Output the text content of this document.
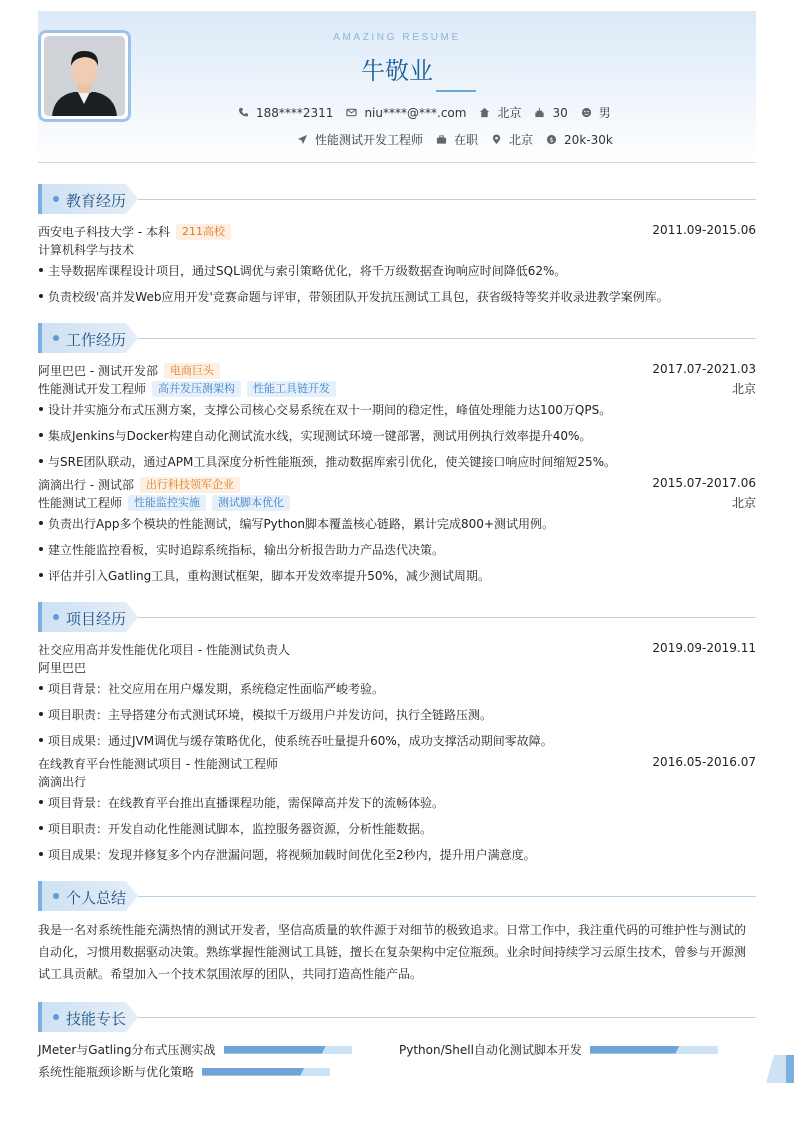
AMAZING RESUME
牛敬业
188****2311	niu****@***.com	北京	30	男
性能测试开发工程师	在职	北京 $ 20k-30k
教育经历
西安电子科技大学 - 本科	211高校	2011.09-2015.06
计算机科学与技术
主导数据库课程设计项目，通过SQL调优与索引策略优化，将千万级数据查询响应时间降低62%。
负责校级'高并发Web应用开发'竞赛命题与评审，带领团队开发抗压测试工具包，获省级特等奖并收录进教学案例库。
工作经历
阿里巴巴 - 测试开发部	电商巨头	2017.07-2021.03
性能测试开发工程师	高并发压测架构	性能工具链开发	北京
设计并实施分布式压测方案，支撑公司核心交易系统在双十一期间的稳定性，峰值处理能力达100万QPS。
集成Jenkins与Docker构建自动化测试流水线，实现测试环境一键部署，测试用例执行效率提升40%。
与SRE团队联动，通过APM工具深度分析性能瓶颈，推动数据库索引优化，使关键接口响应时间缩短25%。
滴滴出行 - 测试部	出行科技领军企业	2015.07-2017.06
性能测试工程师	性能监控实施	测试脚本优化	北京
负责出行App多个模块的性能测试，编写Python脚本覆盖核心链路，累计完成800+测试用例。
建立性能监控看板，实时追踪系统指标，输出分析报告助力产品迭代决策。
评估并引入Gatling工具，重构测试框架，脚本开发效率提升50%，减少测试周期。
项目经历
社交应用高并发性能优化项目 - 性能测试负责人	2019.09-2019.11
阿里巴巴
项目背景：社交应用在用户爆发期，系统稳定性面临严峻考验。
项目职责：主导搭建分布式测试环境，模拟千万级用户并发访问，执行全链路压测。
项目成果：通过JVM调优与缓存策略优化，使系统吞吐量提升60%，成功支撑活动期间零故障。
在线教育平台性能测试项目 - 性能测试工程师	2016.05-2016.07
滴滴出行
项目背景：在线教育平台推出直播课程功能，需保障高并发下的流畅体验。
项目职责：开发自动化性能测试脚本，监控服务器资源，分析性能数据。
项目成果：发现并修复多个内存泄漏问题，将视频加载时间优化至2秒内，提升用户满意度。
个人总结
我是一名对系统性能充满热情的测试开发者，坚信高质量的软件源于对细节的极致追求。日常工作中，我注重代码的可维护性与测试的自动化，习惯用数据驱动决策。熟练掌握性能测试工具链，擅长在复杂架构中定位瓶颈。业余时间持续学习云原生技术，曾参与开源测试工具贡献。希望加入一个技术氛围浓厚的团队，共同打造高性能产品。
技能专长
JMeter与Gatling分布式压测实战	Python/Shell自动化测试脚本开发
系统性能瓶颈诊断与优化策略
